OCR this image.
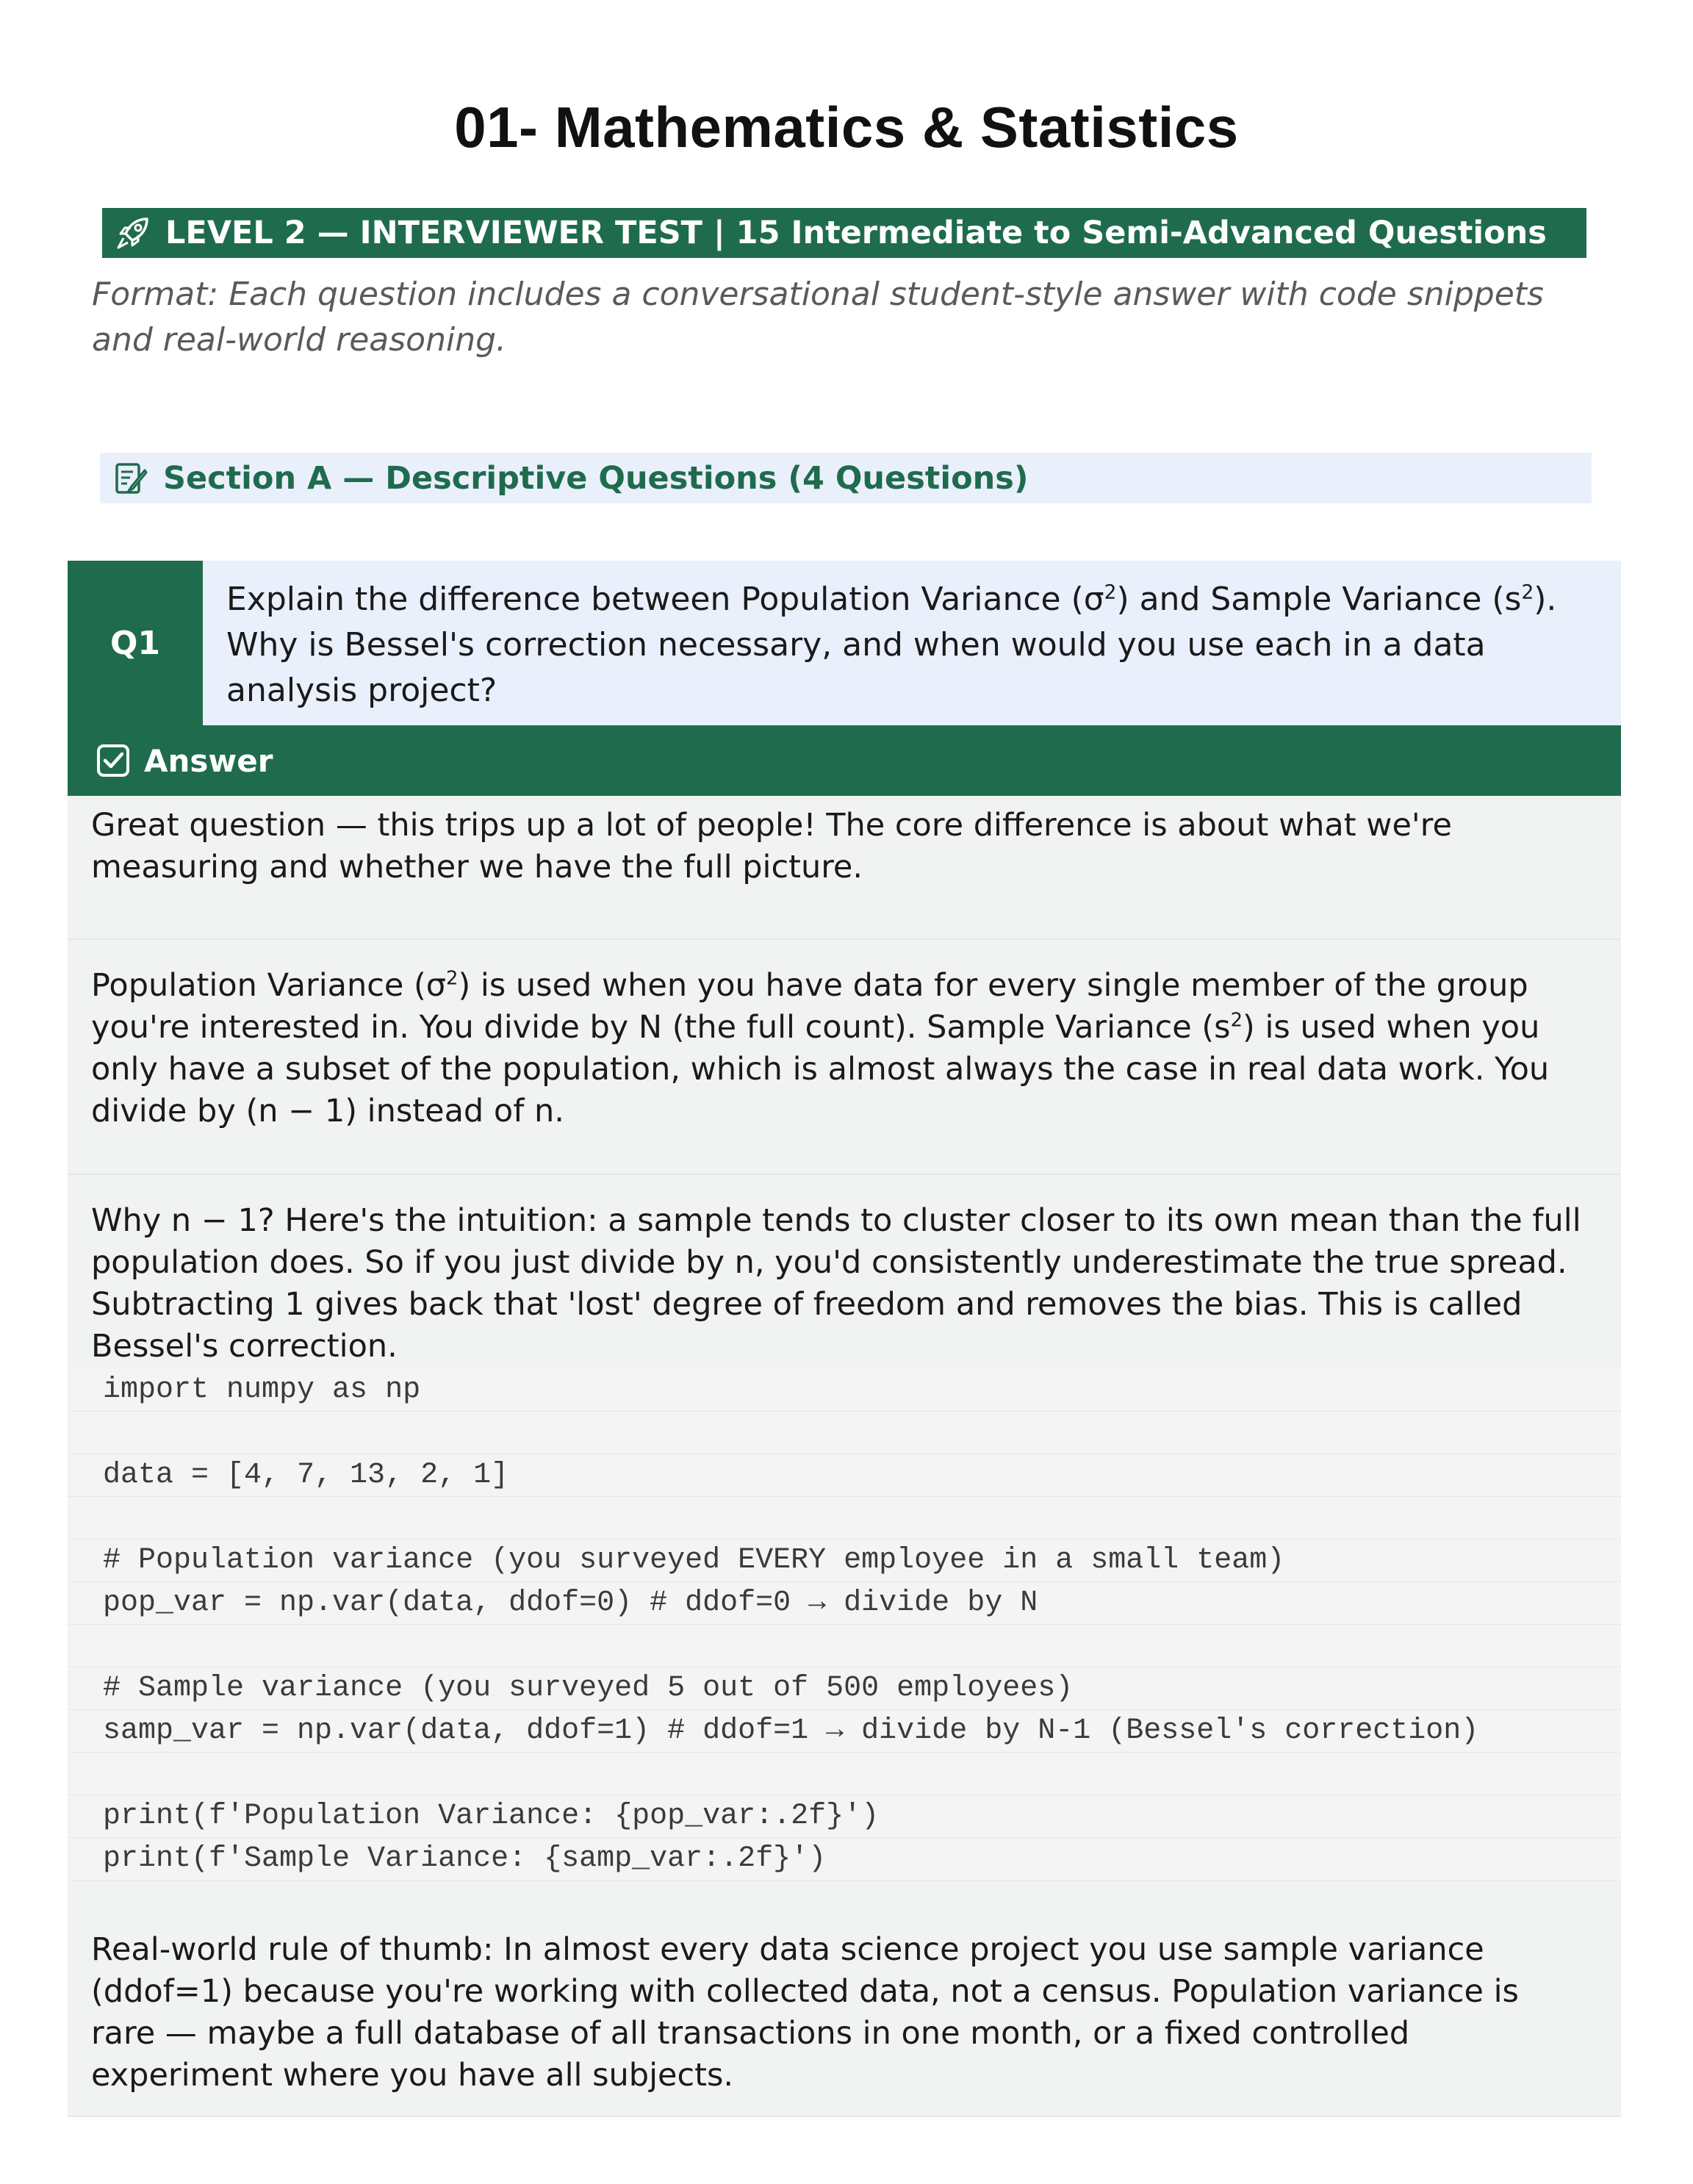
01- Mathematics & Statistics
LEVEL 2 — INTERVIEWER TEST | 15 Intermediate to Semi-Advanced Questions
Format: Each question includes a conversational student-style answer with code snippets and real-world reasoning.
Section A — Descriptive Questions (4 Questions)
Q1
Explain the difference between Population Variance $(\sigma^2)$ and Sample Variance $(s^2)$. Why is Bessel's correction necessary, and when would you use each in a data analysis project?
Answer
Great question — this trips up a lot of people! The core difference is about what we're measuring and whether we have the full picture.
Population Variance $(\sigma^2)$ is used when you have data for every single member of the group you're interested in. You divide by N (the full count). Sample Variance $(s^2)$ is used when you only have a subset of the population, which is almost always the case in real data work. You divide by (n − 1) instead of n.
Why n − 1? Here's the intuition: a sample tends to cluster closer to its own mean than the full population does. So if you just divide by n, you'd consistently underestimate the true spread. Subtracting 1 gives back that 'lost' degree of freedom and removes the bias. This is called Bessel's correction.
import numpy as np
data = [4, 7, 13, 2, 1]
# Population variance (you surveyed EVERY employee in a small team)
pop_var = np.var(data, ddof=0) # ddof=0 → divide by N
# Sample variance (you surveyed 5 out of 500 employees)
samp_var = np.var(data, ddof=1) # ddof=1 → divide by N-1 (Bessel's correction)
print(f'Population Variance: {pop_var:.2f}')
print(f'Sample Variance: {samp_var:.2f}')
Real-world rule of thumb: In almost every data science project you use sample variance (ddof=1) because you're working with collected data, not a census. Population variance is rare — maybe a full database of all transactions in one month, or a fixed controlled experiment where you have all subjects.
